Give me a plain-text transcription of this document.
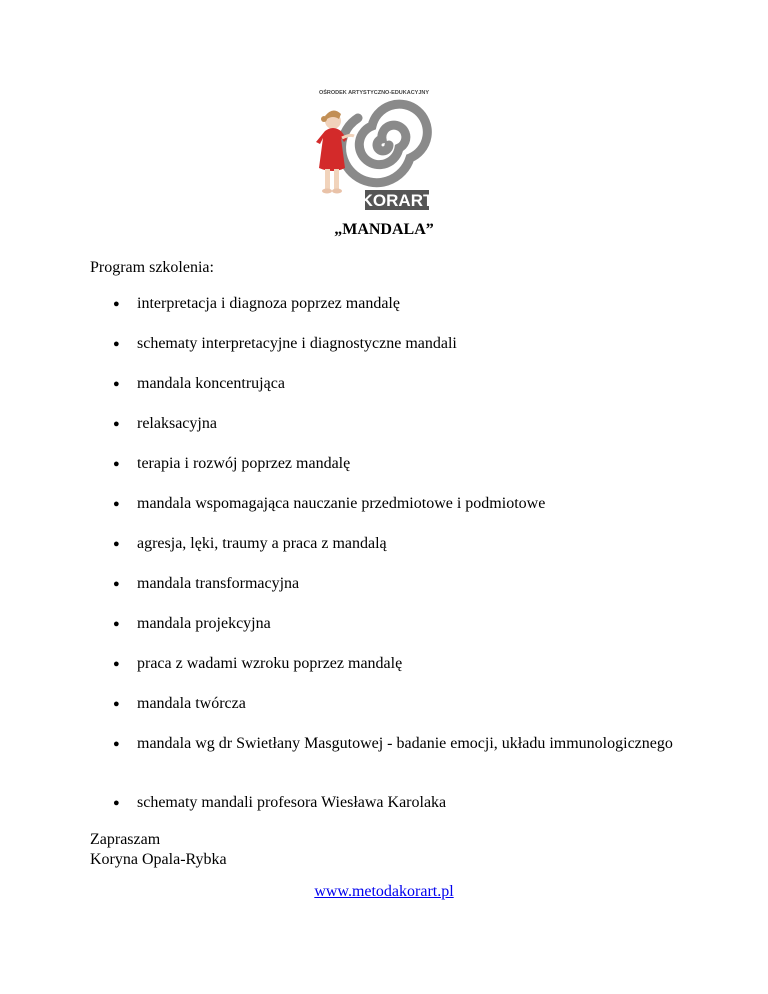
OŚRODEK ARTYSTYCZNO-EDUKACYJNY
KORART
„MANDALA”
Program szkolenia:
●	interpretacja i diagnoza poprzez mandalę
●	schematy interpretacyjne i diagnostyczne mandali
●	mandala koncentrująca
●	relaksacyjna
●	terapia i rozwój poprzez mandalę
●	mandala wspomagająca nauczanie przedmiotowe i podmiotowe
●	agresja, lęki, traumy a praca z mandalą
●	mandala transformacyjna
●	mandala projekcyjna
●	praca z wadami wzroku poprzez mandalę
●	mandala twórcza
●	mandala wg dr Swietłany Masgutowej - badanie emocji, układu immunologicznego
●	schematy mandali profesora Wiesława Karolaka
Zapraszam
Koryna Opala-Rybka
www.metodakorart.pl
